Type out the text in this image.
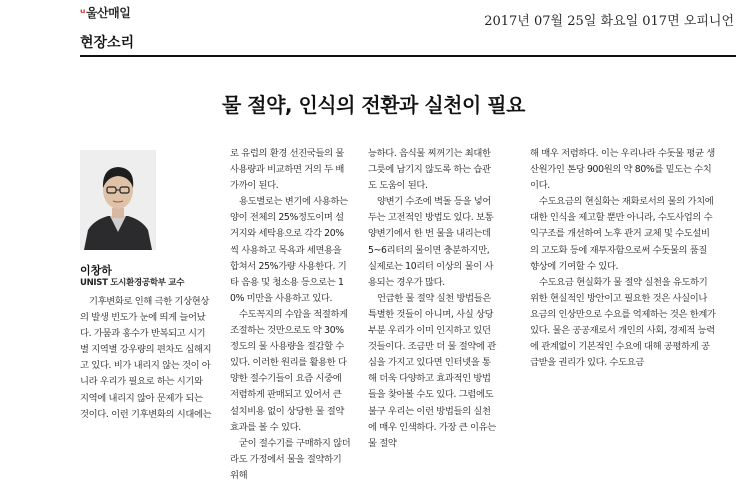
ᵘ울산매일
2017년 07월 25일 화요일 017면 오피니언
현장소리
물 절약, 인식의 전환과 실천이 필요
이창하
UNIST 도시환경공학부 교수

기후변화로 인해 극한 기상현상의 발생 빈도가 눈에 띄게 늘어났다. 가뭄과 홍수가 반복되고 시기별 지역별 강우량의 편차도 심해지고 있다. 비가 내리지 않는 것이 아니라 우리가 필요로 하는 시기와 지역에 내리지 않아 문제가 되는 것이다. 이런 기후변화의 시대에는

로 유럽의 환경 선진국들의 물 사용량과 비교하면 거의 두 배 가까이 된다.

용도별로는 변기에 사용하는 양이 전체의 25%정도이며 설거지와 세탁용으로 각각 20%씩 사용하고 목욕과 세면용을 합쳐서 25%가량 사용한다. 기타 음용 및 청소용 등으로는 10% 미만을 사용하고 있다.

수도꼭지의 수압을 적절하게 조절하는 것만으로도 약 30%정도의 물 사용량을 절감할 수 있다. 이러한 원리를 활용한 다양한 절수기들이 요즘 시중에 저렴하게 판매되고 있어서 큰 설치비용 없이 상당한 물 절약 효과를 볼 수 있다.

굳이 절수기를 구매하지 않더라도 가정에서 물을 절약하기 위해

능하다. 음식물 찌꺼기는 최대한 그릇에 남기지 않도록 하는 습관도 도움이 된다.

양변기 수조에 벽돌 등을 넣어 두는 고전적인 방법도 있다. 보통 양변기에서 한 번 물을 내리는데 5~6리터의 물이면 충분하지만, 실제로는 10리터 이상의 물이 사용되는 경우가 많다.

언급한 물 절약 실천 방법들은 특별한 것들이 아니며, 사실 상당부분 우리가 이미 인지하고 있던 것들이다. 조금만 더 물 절약에 관심을 가지고 있다면 인터넷을 통해 더욱 다양하고 효과적인 방법들을 찾아볼 수도 있다. 그럼에도 불구 우리는 이런 방법들의 실천에 매우 인색하다. 가장 큰 이유는 물 절약

해 매우 저렴하다. 이는 우리나라 수돗물 평균 생산원가인 톤당 900원의 약 80%를 밑도는 수치이다.

수도요금의 현실화는 재화로서의 물의 가치에 대한 인식을 제고할 뿐만 아니라, 수도사업의 수익구조를 개선하여 노후 관거 교체 및 수도설비의 고도화 등에 재투자함으로써 수돗물의 품질 향상에 기여할 수 있다.

수도요금 현실화가 물 절약 실천을 유도하기 위한 현실적인 방안이고 필요한 것은 사실이나 요금의 인상만으로 수요를 억제하는 것은 한계가 있다. 물은 공공재로서 개인의 사회, 경제적 능력에 관계없이 기본적인 수요에 대해 공평하게 공급받을 권리가 있다. 수도요금
